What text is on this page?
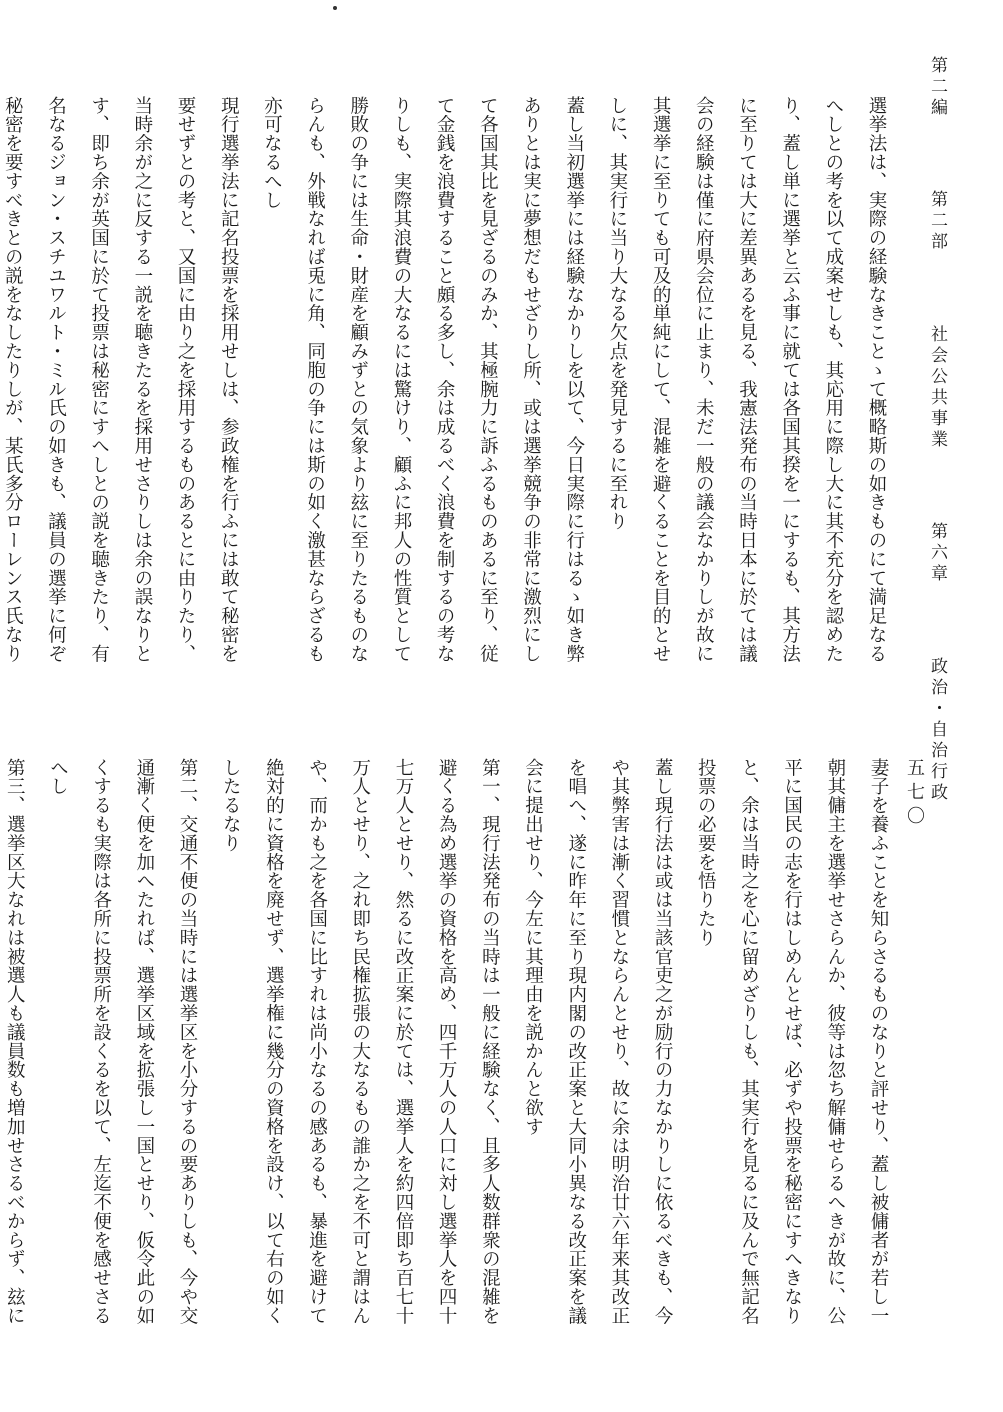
第二編 第二部 社会公共事業 第六章 政治・自治行政
五七〇
選挙法は、実際の経験なきことゝて概略斯の如きものにて満足なる
へしとの考を以て成案せしも、其応用に際し大に其不充分を認めた
り、蓋し単に選挙と云ふ事に就ては各国其揆を一にするも、其方法
に至りては大に差異あるを見る、我憲法発布の当時日本に於ては議
会の経験は僅に府県会位に止まり、未だ一般の議会なかりしが故に
其選挙に至りても可及的単純にして、混雑を避くることを目的とせ
しに、其実行に当り大なる欠点を発見するに至れり
蓋し当初選挙には経験なかりしを以て、今日実際に行はるゝ如き弊
ありとは実に夢想だもせざりし所、或は選挙競争の非常に激烈にし
て各国其比を見ざるのみか、其極腕力に訴ふるものあるに至り、従
て金銭を浪費すること頗る多し、余は成るべく浪費を制するの考な
りしも、実際其浪費の大なるには驚けり、顧ふに邦人の性質として
勝敗の争には生命・財産を顧みずとの気象より玆に至りたるものな
らんも、外戦なれば兎に角、同胞の争には斯の如く激甚ならざるも
亦可なるへし
現行選挙法に記名投票を採用せしは、参政権を行ふには敢て秘密を
要せずとの考と、又国に由り之を採用するものあるとに由りたり、
当時余が之に反する一説を聴きたるを採用せさりしは余の誤なりと
す、即ち余が英国に於て投票は秘密にすへしとの説を聴きたり、有
名なるジョン・スチユワルト・ミル氏の如きも、議員の選挙に何ぞ
秘密を要すべきとの説をなしたりしが、某氏多分ローレンス氏なり
妻子を養ふことを知らさるものなりと評せり、蓋し被傭者が若し一
朝其傭主を選挙せさらんか、彼等は忽ち解傭せらるへきが故に、公
平に国民の志を行はしめんとせば、必ずや投票を秘密にすへきなり
と、余は当時之を心に留めざりしも、其実行を見るに及んで無記名
投票の必要を悟りたり
蓋し現行法は或は当該官吏之が励行の力なかりしに依るべきも、今
や其弊害は漸く習慣とならんとせり、故に余は明治廿六年来其改正
を唱へ、遂に昨年に至り現内閣の改正案と大同小異なる改正案を議
会に提出せり、今左に其理由を説かんと欲す
第一、現行法発布の当時は一般に経験なく、且多人数群衆の混雑を
避くる為め選挙の資格を高め、四千万人の人口に対し選挙人を四十
七万人とせり、然るに改正案に於ては、選挙人を約四倍即ち百七十
万人とせり、之れ即ち民権拡張の大なるもの誰か之を不可と謂はん
や、而かも之を各国に比すれは尚小なるの感あるも、暴進を避けて
絶対的に資格を廃せず、選挙権に幾分の資格を設け、以て右の如く
したるなり
第二、交通不便の当時には選挙区を小分するの要ありしも、今や交
通漸く便を加へたれば、選挙区域を拡張し一国とせり、仮令此の如
くするも実際は各所に投票所を設くるを以て、左迄不便を感せさる
へし
第三、選挙区大なれは被選人も議員数も増加せさるべからず、玆に
